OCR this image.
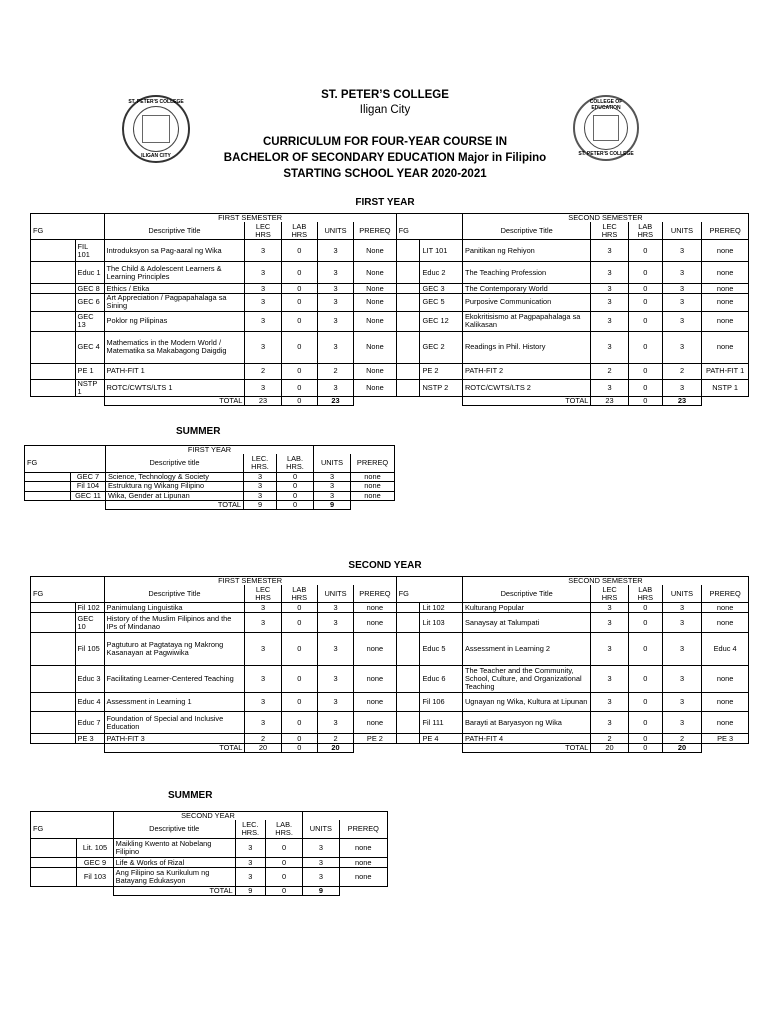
ST. PETER'S COLLEGE
ILIGAN CITY
COLLEGE OF EDUCATION
ST. PETER'S COLLEGE
ST. PETER’S COLLEGE
Iligan City
CURRICULUM FOR FOUR-YEAR COURSE IN
BACHELOR OF SECONDARY EDUCATION Major in Filipino
STARTING SCHOOL YEAR 2020-2021
FIRST YEAR
		FIRST SEMESTER							SECOND SEMESTER				
FG		Descriptive Title	LEC
HRS	LAB
HRS	UNITS	PREREQ	FG		Descriptive Title	LEC
HRS	LAB
HRS	UNITS	PREREQ
	FIL 101	Introduksyon sa Pag-aaral ng Wika	3	0	3	None		LIT 101	Panitikan ng Rehiyon	3	0	3	none
	Educ 1	The Child & Adolescent Learners & Learning Principles	3	0	3	None		Educ 2	The Teaching Profession	3	0	3	none
	GEC 8	Ethics / Etika	3	0	3	None		GEC 3	The Contemporary World	3	0	3	none
	GEC 6	Art Appreciation / Pagpapahalaga sa Sining	3	0	3	None		GEC 5	Purposive Communication	3	0	3	none
	GEC 13	Poklor ng Pilipinas	3	0	3	None		GEC 12	Ekokritisismo at Pagpapahalaga sa Kalikasan	3	0	3	none
	GEC 4	Mathematics in the Modern World / Matematika sa Makabagong Daigdig	3	0	3	None		GEC 2	Readings in Phil. History	3	0	3	none
	PE 1	PATH-FIT 1	2	0	2	None		PE 2	PATH-FIT 2	2	0	2	PATH-FIT 1
	NSTP 1	ROTC/CWTS/LTS 1	3	0	3	None		NSTP 2	ROTC/CWTS/LTS 2	3	0	3	NSTP 1
		TOTAL	23	0	23				TOTAL	23	0	23	
SUMMER
		FIRST YEAR				
FG		Descriptive title	LEC.
HRS.	LAB.
HRS.	UNITS	PREREQ
	GEC 7	Science, Technology & Society	3	0	3	none
	Fil 104	Estruktura ng Wikang Filipino	3	0	3	none
	GEC 11	Wika, Gender at Lipunan	3	0	3	none
		TOTAL	9	0	9	
SECOND YEAR
		FIRST SEMESTER							SECOND SEMESTER				
FG		Descriptive Title	LEC
HRS	LAB
HRS	UNITS	PREREQ	FG		Descriptive Title	LEC
HRS	LAB
HRS	UNITS	PREREQ
	Fil 102	Panimulang Linguistika	3	0	3	none		Lit 102	Kulturang Popular	3	0	3	none
	GEC 10	History of the Muslim Filipinos and the IPs of Mindanao	3	0	3	none		Lit 103	Sanaysay at Talumpati	3	0	3	none
	Fil 105	Pagtuturo at Pagtataya ng Makrong Kasanayan at Pagwiwika	3	0	3	none		Educ 5	Assessment in Learning 2	3	0	3	Educ 4
	Educ 3	Facilitating Learner-Centered Teaching	3	0	3	none		Educ 6	The Teacher and the Community, School, Culture, and Organizational Teaching	3	0	3	none
	Educ 4	Assessment in Learning 1	3	0	3	none		Fil 106	Ugnayan ng Wika, Kultura at Lipunan	3	0	3	none
	Educ 7	Foundation of Special and Inclusive Education	3	0	3	none		Fil 111	Barayti at Baryasyon ng Wika	3	0	3	none
	PE 3	PATH-FIT 3	2	0	2	PE 2		PE 4	PATH-FIT 4	2	0	2	PE 3
		TOTAL	20	0	20				TOTAL	20	0	20	
SUMMER
		SECOND YEAR				
FG		Descriptive title	LEC.
HRS.	LAB.
HRS.	UNITS	PREREQ
	Lit. 105	Maikling Kwento at Nobelang Filipino	3	0	3	none
	GEC 9	Life & Works of Rizal	3	0	3	none
	Fil 103	Ang Filipino sa Kurikulum ng Batayang Edukasyon	3	0	3	none
		TOTAL	9	0	9	
